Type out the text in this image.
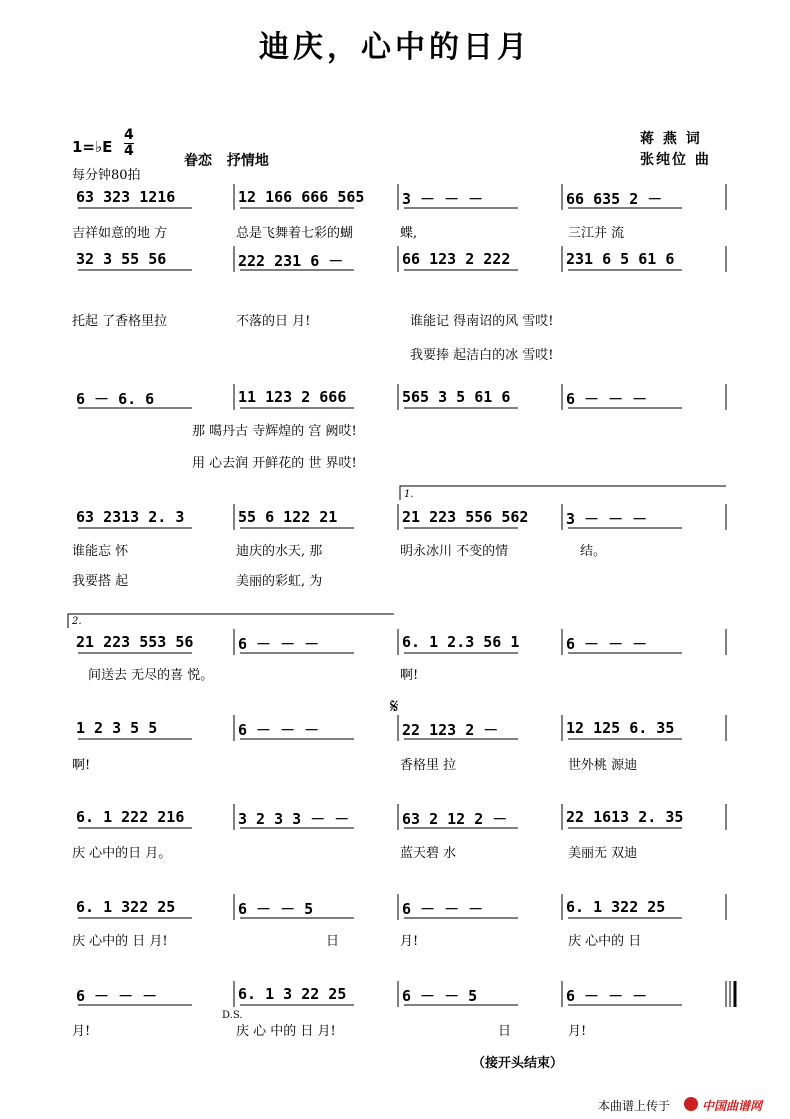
迪庆，心中的日月
1=♭E
4
4
每分钟80拍
眷恋 抒情地
蒋 燕 词
张纯位 曲
63 323 1216	12 166 666 565	3 － － －	66 635 2 －
32 3 55 56	222 231 6 －	66 123 2 222	231 6 5 61 6
6 － 6. 6	11 123 2 666	565 3 5 61 6	6 － － －
63 2313 2. 3	55 6 122 21	21 223 556 562	3 － － －
21 223 553 56	6 － － －	6. 1 2.3 56 1	6 － － －
1 2 3 5 5	6 － － －	22 123 2 －	12 125 6. 35
6. 1 222 216	3 2 3 3 － －	63 2 12 2 －	22 1613 2. 35
6. 1 322 25	6 － － 5	6 － － －	6. 1 322 25
6 － － －	6. 1 3 22 25	6 － － 5	6 － － －
吉祥如意的地 方	总是飞舞着七彩的蝴	蝶,	三江并 流
托起 了香格里拉	不落的日 月!	谁能记 得南诏的风 雪哎!
我要捧 起洁白的冰 雪哎!
那 噶丹古 寺辉煌的 宫 阙哎!
用 心去润 开鲜花的 世 界哎!
谁能忘 怀	迪庆的水天, 那	明永冰川 不变的情	结。
我要搭 起	美丽的彩虹, 为
间送去 无尽的喜 悦。	啊!
啊!	香格里 拉	世外桃 源迪
庆 心中的日 月。	蓝天碧 水	美丽无 双迪
庆 心中的 日 月!	日	月!	庆 心中的 日
月!	庆 心 中的 日 月!	日	月!
1.
2.
𝄋
D.S.
（接开头结束）
本曲谱上传于	中国曲谱网
